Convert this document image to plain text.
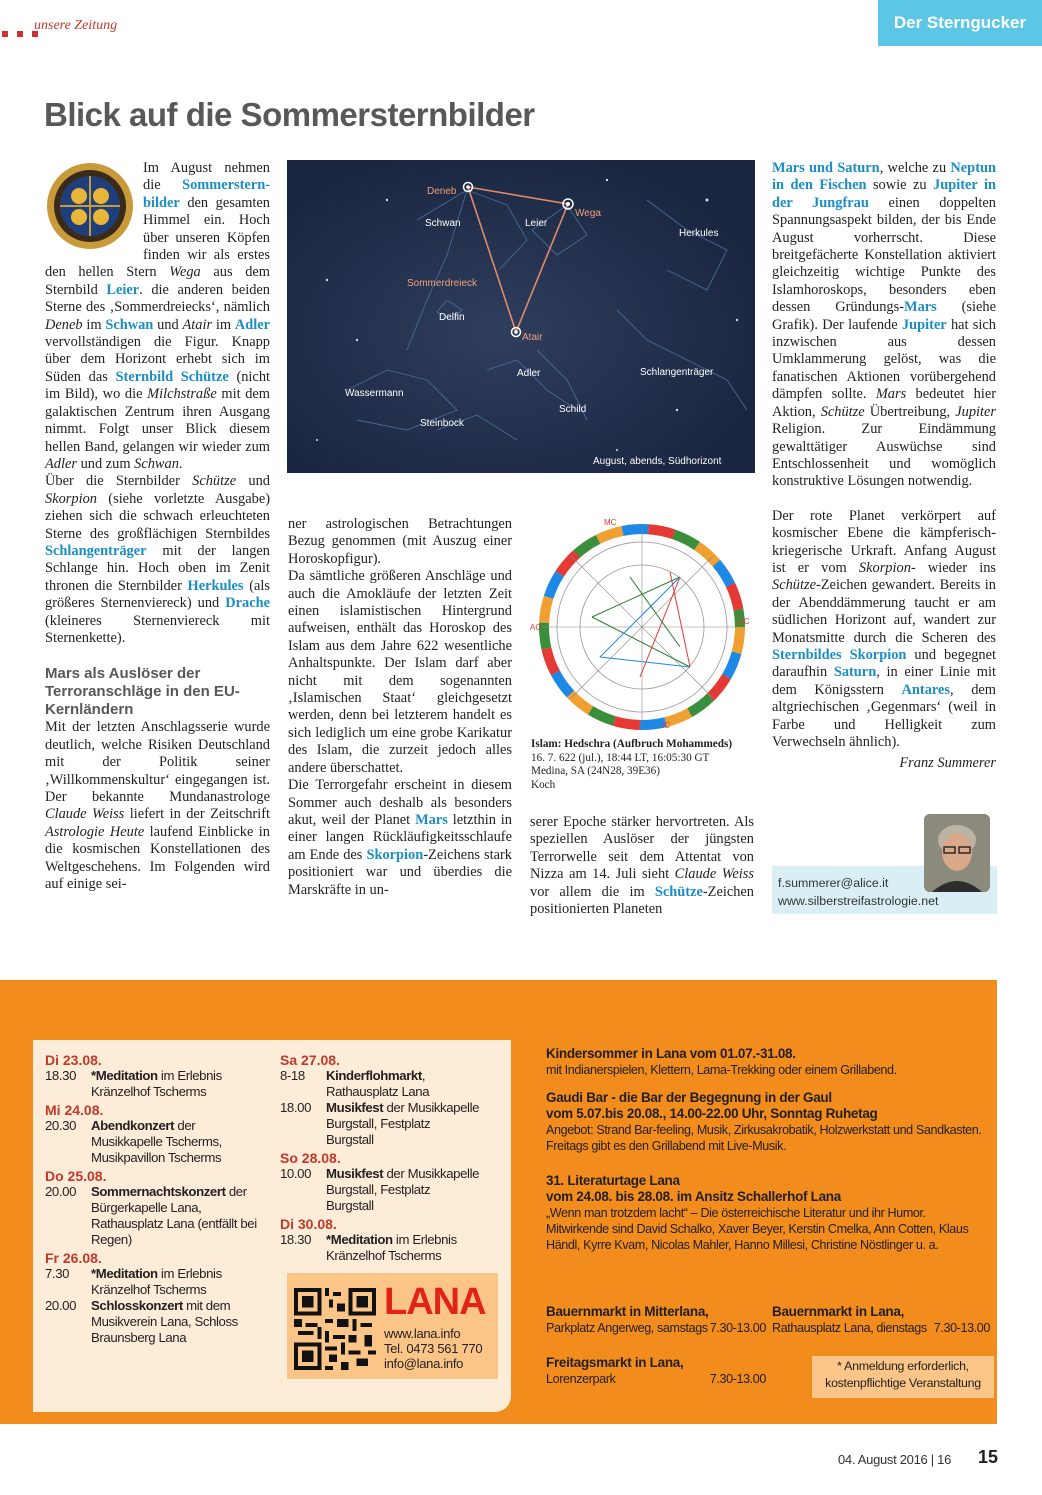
unsere Zeitung	Der Sterngucker
Blick auf die Sommersternbilder

Im August nehmen die Sommersternbilder den gesamten Himmel ein. Hoch über unseren Köpfen finden wir als erstes den hellen Stern Wega aus dem Sternbild Leier. die anderen beiden Sterne des ‚Sommerdreiecks‘, nämlich Deneb im Schwan und Atair im Adler vervollständigen die Figur. Knapp über dem Horizont erhebt sich im Süden das Sternbild Schütze (nicht im Bild), wo die Milchstraße mit dem galaktischen Zentrum ihren Ausgang nimmt. Folgt unser Blick diesem hellen Band, gelangen wir wieder zum Adler und zum Schwan.

Über die Sternbilder Schütze und Skorpion (siehe vorletzte Ausgabe) ziehen sich die schwach erleuchteten Sterne des großflächigen Sternbildes Schlangenträger mit der langen Schlange hin. Hoch oben im Zenit thronen die Sternbilder Herkules (als größeres Sternenviereck) und Drache (kleineres Sternenviereck mit Sternenkette).

Mars als Auslöser der Terroranschläge in den EU-Kernländern

Mit der letzten Anschlagsserie wurde deutlich, welche Risiken Deutschland mit der Politik seiner ‚Willkommenskultur‘ eingegangen ist. Der bekannte Mundanastrologe Claude Weiss liefert in der Zeitschrift Astrologie Heute laufend Einblicke in die kosmischen Konstellationen des Weltgeschehens. Im Folgenden wird auf einige sei-

Deneb
Wega
Schwan	Leier
Herkules
Sommerdreieck
Delfin
Atair
Adler	Schlangenträger
Wassermann
Steinbock
Schild
August, abends, Südhorizont

ner astrologischen Betrachtungen Bezug genommen (mit Auszug einer Horoskopfigur).

Da sämtliche größeren Anschläge und auch die Amokläufe der letzten Zeit einen islamistischen Hintergrund aufweisen, enthält das Horoskop des Islam aus dem Jahre 622 wesentliche Anhaltspunkte. Der Islam darf aber nicht mit dem sogenannten ‚Islamischen Staat‘ gleichgesetzt werden, denn bei letzterem handelt es sich lediglich um eine grobe Karikatur des Islam, die zurzeit jedoch alles andere überschattet.

Die Terrorgefahr erscheint in diesem Sommer auch deshalb als besonders akut, weil der Planet Mars letzthin in einer langen Rückläufigkeitsschlaufe am Ende des Skorpion-Zeichens stark positioniert war und überdies die Marskräfte in un-

MC
IC
AC
DC
Islam: Hedschra (Aufbruch Mohammeds)
16. 7. 622 (jul.), 18:44 LT, 16:05:30 GT
Medina, SA (24N28, 39E36)
Koch

serer Epoche stärker hervortreten. Als speziellen Auslöser der jüngsten Terrorwelle seit dem Attentat von Nizza am 14. Juli sieht Claude Weiss vor allem die im Schütze-Zeichen positionierten Planeten

Mars und Saturn, welche zu Neptun in den Fischen sowie zu Jupiter in der Jungfrau einen doppelten Spannungsaspekt bilden, der bis Ende August vorherrscht. Diese breitgefächerte Konstellation aktiviert gleichzeitig wichtige Punkte des Islamhoroskops, besonders eben dessen Gründungs-Mars (siehe Grafik). Der laufende Jupiter hat sich inzwischen aus dessen Umklammerung gelöst, was die fanatischen Aktionen vorübergehend dämpfen sollte. Mars bedeutet hier Aktion, Schütze Übertreibung, Jupiter Religion. Zur Eindämmung gewalttätiger Auswüchse sind Entschlossenheit und womöglich konstruktive Lösungen notwendig.

Der rote Planet verkörpert auf kosmischer Ebene die kämpferisch-kriegerische Urkraft. Anfang August ist er vom Skorpion- wieder ins Schütze-Zeichen gewandert. Bereits in der Abenddämmerung taucht er am südlichen Horizont auf, wandert zur Monatsmitte durch die Scheren des Sternbildes Skorpion und begegnet daraufhin Saturn, in einer Linie mit dem Königsstern Antares, dem altgriechischen ‚Gegenmars‘ (weil in Farbe und Helligkeit zum Verwechseln ähnlich).

Franz Summerer

f.summerer@alice.it
www.silberstreifastrologie.net
Di 23.08.
18.30	*Meditation im Erlebnis Kränzelhof Tscherms
Mi 24.08.
20.30	Abendkonzert der Musikkapelle Tscherms, Musikpavillon Tscherms
Do 25.08.
20.00	Sommernachtskonzert der Bürgerkapelle Lana, Rathausplatz Lana (entfällt bei Regen)
Fr 26.08.
7.30	*Meditation im Erlebnis Kränzelhof Tscherms
20.00	Schlosskonzert mit dem Musikverein Lana, Schloss Braunsberg Lana
Sa 27.08.
8-18	Kinderflohmarkt, Rathausplatz Lana
18.00	Musikfest der Musikkapelle Burgstall, Festplatz Burgstall
So 28.08.
10.00	Musikfest der Musikkapelle Burgstall, Festplatz Burgstall
Di 30.08.
18.30	*Meditation im Erlebnis Kränzelhof Tscherms
LANA
www.lana.info
Tel. 0473 561 770
info@lana.info
Kindersommer in Lana vom 01.07.-31.08.
mit Indianerspielen, Klettern, Lama-Trekking oder einem Grillabend.
Gaudi Bar - die Bar der Begegnung in der Gaul
vom 5.07.bis 20.08., 14.00-22.00 Uhr, Sonntag Ruhetag
Angebot: Strand Bar-feeling, Musik, Zirkusakrobatik, Holzwerkstatt und Sandkasten. Freitags gibt es den Grillabend mit Live-Musik.
31. Literaturtage Lana
vom 24.08. bis 28.08. im Ansitz Schallerhof Lana
„Wenn man trotzdem lacht“ – Die österreichische Literatur und ihr Humor. Mitwirkende sind David Schalko, Xaver Beyer, Kerstin Cmelka, Ann Cotten, Klaus Händl, Kyrre Kvam, Nicolas Mahler, Hanno Millesi, Christine Nöstlinger u. a.
Bauernmarkt in Mitterlana,
Parkplatz Angerweg, samstags 7.30-13.00
Bauernmarkt in Lana,
Rathausplatz Lana, dienstags 7.30-13.00
Freitagsmarkt in Lana,
Lorenzerpark	7.30-13.00
* Anmeldung erforderlich,
kostenpflichtige Veranstaltung
04. August 2016 | 16 15
